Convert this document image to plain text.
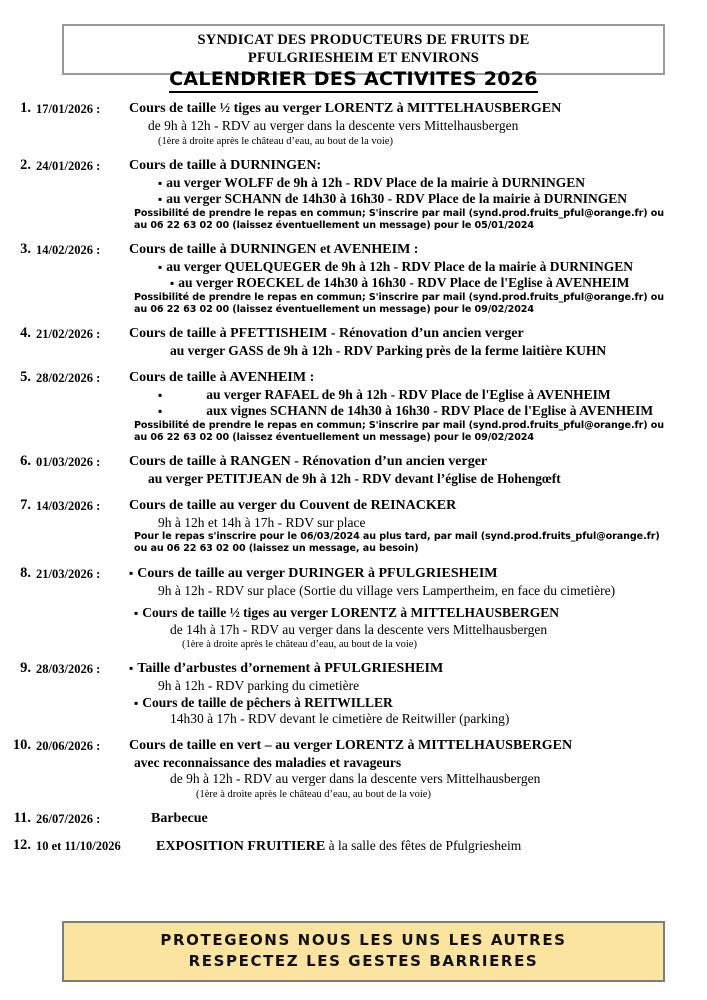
SYNDICAT DES PRODUCTEURS DE FRUITS DE
PFULGRIESHEIM ET ENVIRONS
CALENDRIER DES ACTIVITES 2026
1. 17/01/2026 :	Cours de taille ½ tiges au verger LORENTZ à MITTELHAUSBERGEN
de 9h à 12h - RDV au verger dans la descente vers Mittelhausbergen
(1ère à droite après le château d’eau, au bout de la voie)
2. 24/01/2026 :	Cours de taille à DURNINGEN:
▪ au verger WOLFF de 9h à 12h - RDV Place de la mairie à DURNINGEN
▪ au verger SCHANN de 14h30 à 16h30 - RDV Place de la mairie à DURNINGEN
Possibilité de prendre le repas en commun; S'inscrire par mail (synd.prod.fruits_pful@orange.fr) ou
au 06 22 63 02 00 (laissez éventuellement un message) pour le 05/01/2024
3. 14/02/2026 :	Cours de taille à DURNINGEN et AVENHEIM :
▪ au verger QUELQUEGER de 9h à 12h - RDV Place de la mairie à DURNINGEN
▪ au verger ROECKEL de 14h30 à 16h30 - RDV Place de l'Eglise à AVENHEIM
Possibilité de prendre le repas en commun; S'inscrire par mail (synd.prod.fruits_pful@orange.fr) ou
au 06 22 63 02 00 (laissez éventuellement un message) pour le 09/02/2024
4. 21/02/2026 :	Cours de taille à PFETTISHEIM - Rénovation d’un ancien verger
au verger GASS de 9h à 12h - RDV Parking près de la ferme laitière KUHN
5. 28/02/2026 :	Cours de taille à AVENHEIM :
▪ au verger RAFAEL de 9h à 12h - RDV Place de l'Eglise à AVENHEIM
▪ aux vignes SCHANN de 14h30 à 16h30 - RDV Place de l'Eglise à AVENHEIM
Possibilité de prendre le repas en commun; S'inscrire par mail (synd.prod.fruits_pful@orange.fr) ou
au 06 22 63 02 00 (laissez éventuellement un message) pour le 09/02/2024
6. 01/03/2026 :	Cours de taille à RANGEN - Rénovation d’un ancien verger
au verger PETITJEAN de 9h à 12h - RDV devant l’église de Hohengœft
7. 14/03/2026 :	Cours de taille au verger du Couvent de REINACKER
9h à 12h et 14h à 17h - RDV sur place
Pour le repas s'inscrire pour le 06/03/2024 au plus tard, par mail (synd.prod.fruits_pful@orange.fr)
ou au 06 22 63 02 00 (laissez un message, au besoin)
8. 21/03/2026 :	▪ Cours de taille au verger DURINGER à PFULGRIESHEIM
9h à 12h - RDV sur place (Sortie du village vers Lampertheim, en face du cimetière)
▪ Cours de taille ½ tiges au verger LORENTZ à MITTELHAUSBERGEN
de 14h à 17h - RDV au verger dans la descente vers Mittelhausbergen
(1ère à droite après le château d’eau, au bout de la voie)
9. 28/03/2026 :	▪ Taille d’arbustes d’ornement à PFULGRIESHEIM
9h à 12h - RDV parking du cimetière
▪ Cours de taille de pêchers à REITWILLER
14h30 à 17h - RDV devant le cimetière de Reitwiller (parking)
10. 20/06/2026 :	Cours de taille en vert – au verger LORENTZ à MITTELHAUSBERGEN
avec reconnaissance des maladies et ravageurs
de 9h à 12h - RDV au verger dans la descente vers Mittelhausbergen
(1ère à droite après le château d’eau, au bout de la voie)
11. 26/07/2026 :	Barbecue
12. 10 et 11/10/2026	EXPOSITION FRUITIERE à la salle des fêtes de Pfulgriesheim
PROTEGEONS NOUS LES UNS LES AUTRES
RESPECTEZ LES GESTES BARRIERES
